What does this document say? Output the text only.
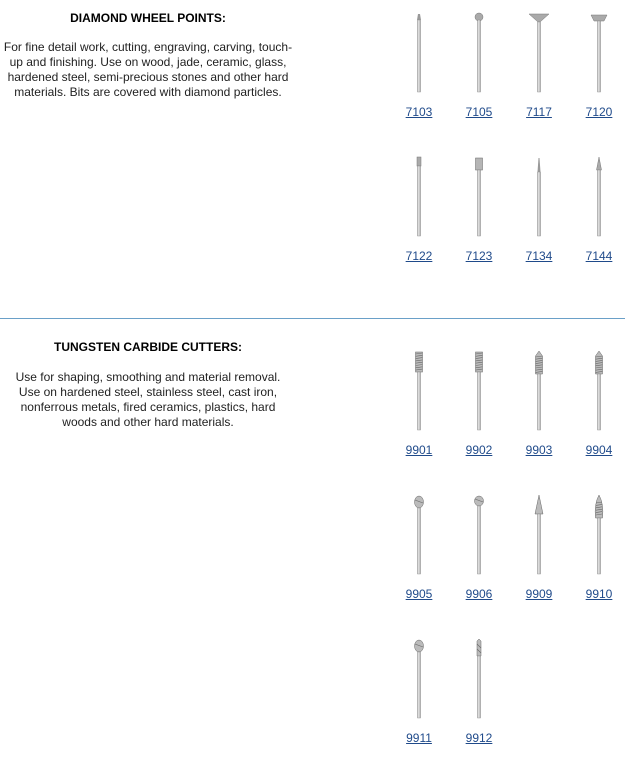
DIAMOND WHEEL POINTS:
For fine detail work, cutting, engraving, carving, touch-
up and finishing. Use on wood, jade, ceramic, glass,
hardened steel, semi-precious stones and other hard
materials. Bits are covered with diamond particles.
TUNGSTEN CARBIDE CUTTERS:
Use for shaping, smoothing and material removal.
Use on hardened steel, stainless steel, cast iron,
nonferrous metals, fired ceramics, plastics, hard
woods and other hard materials.
7103	7105	7117	7120
7122	7123	7134	7144
9901	9902	9903	9904
9905	9906	9909	9910
9911	9912
